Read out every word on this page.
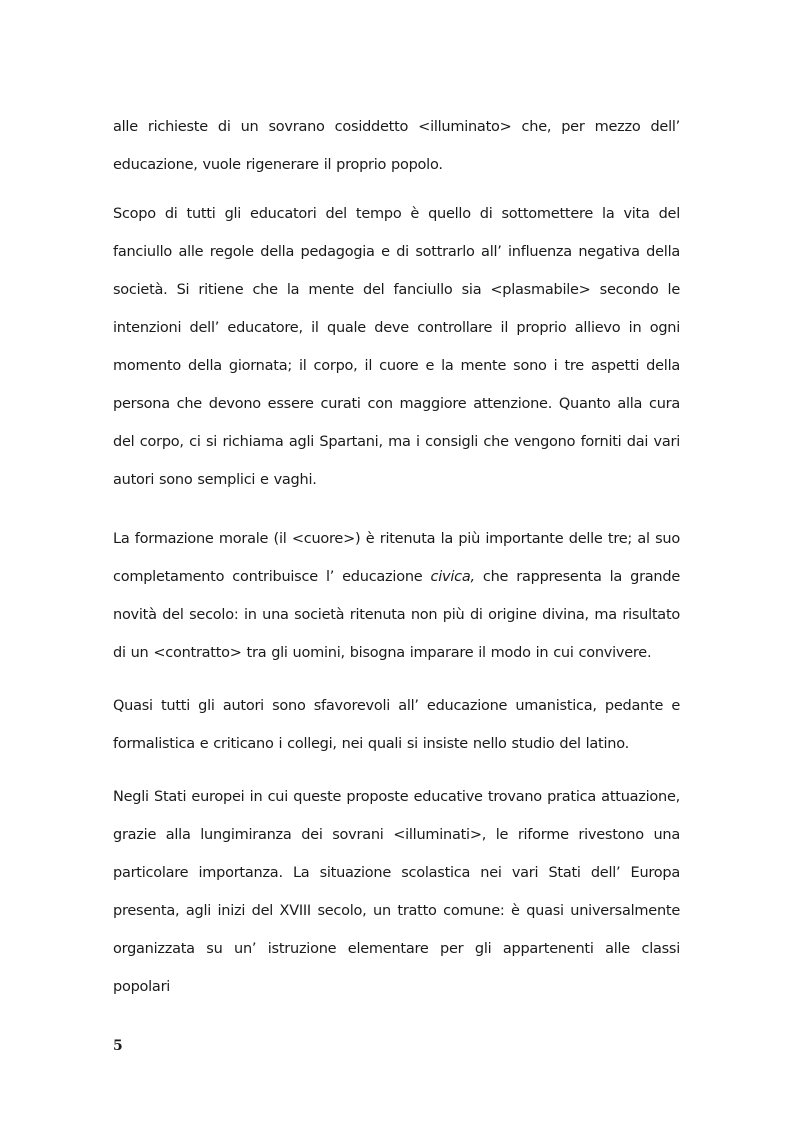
alle richieste di un sovrano cosiddetto <illuminato> che, per mezzo dell’ educazione, vuole rigenerare il proprio popolo.

Scopo di tutti gli educatori del tempo è quello di sottomettere la vita del fanciullo alle regole della pedagogia e di sottrarlo all’ influenza negativa della società. Si ritiene che la mente del fanciullo sia <plasmabile> secondo le intenzioni dell’ educatore, il quale deve controllare il proprio allievo in ogni momento della giornata; il corpo, il cuore e la mente sono i tre aspetti della persona che devono essere curati con maggiore attenzione. Quanto alla cura del corpo, ci si richiama agli Spartani, ma i consigli che vengono forniti dai vari autori sono semplici e vaghi.

La formazione morale (il <cuore>) è ritenuta la più importante delle tre; al suo completamento contribuisce l’ educazione civica, che rappresenta la grande novità del secolo: in una società ritenuta non più di origine divina, ma risultato di un <contratto> tra gli uomini, bisogna imparare il modo in cui convivere.

Quasi tutti gli autori sono sfavorevoli all’ educazione umanistica, pedante e formalistica e criticano i collegi, nei quali si insiste nello studio del latino.

Negli Stati europei in cui queste proposte educative trovano pratica attuazione, grazie alla lungimiranza dei sovrani <illuminati>, le riforme rivestono una particolare importanza. La situazione scolastica nei vari Stati dell’ Europa presenta, agli inizi del XVIII secolo, un tratto comune: è quasi universalmente organizzata su un’ istruzione elementare per gli appartenenti alle classi popolari

5
